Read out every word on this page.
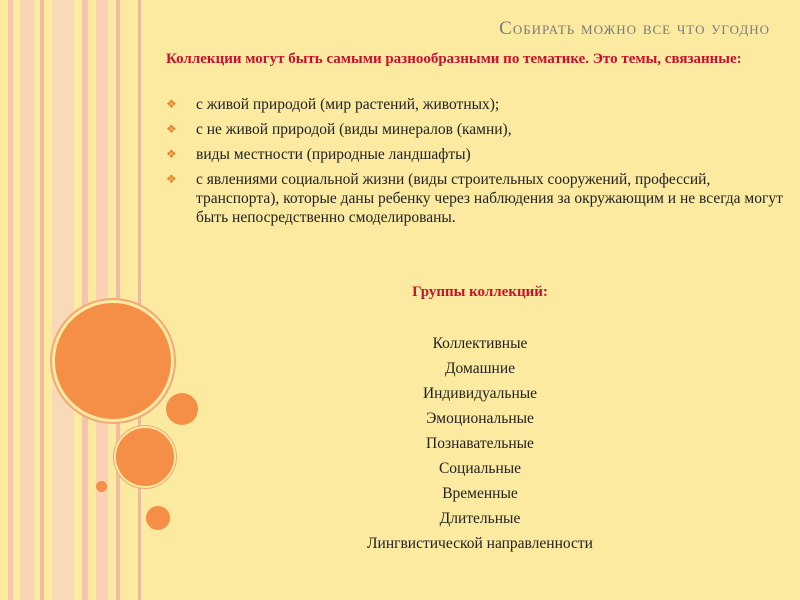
Собирать можно все что угодно

Коллекции могут быть самыми разнообразными по тематике. Это темы, связанные:

❖ с живой природой (мир растений, животных);
❖ с не живой природой (виды минералов (камни),
❖ виды местности (природные ландшафты)
❖ с явлениями социальной жизни (виды строительных сооружений, профессий, транспорта), которые даны ребенку через наблюдения за окружающим и не всегда могут быть непосредственно смоделированы.

Группы коллекций:

Коллективные
Домашние
Индивидуальные
Эмоциональные
Познавательные
Социальные
Временные
Длительные
Лингвистической направленности
